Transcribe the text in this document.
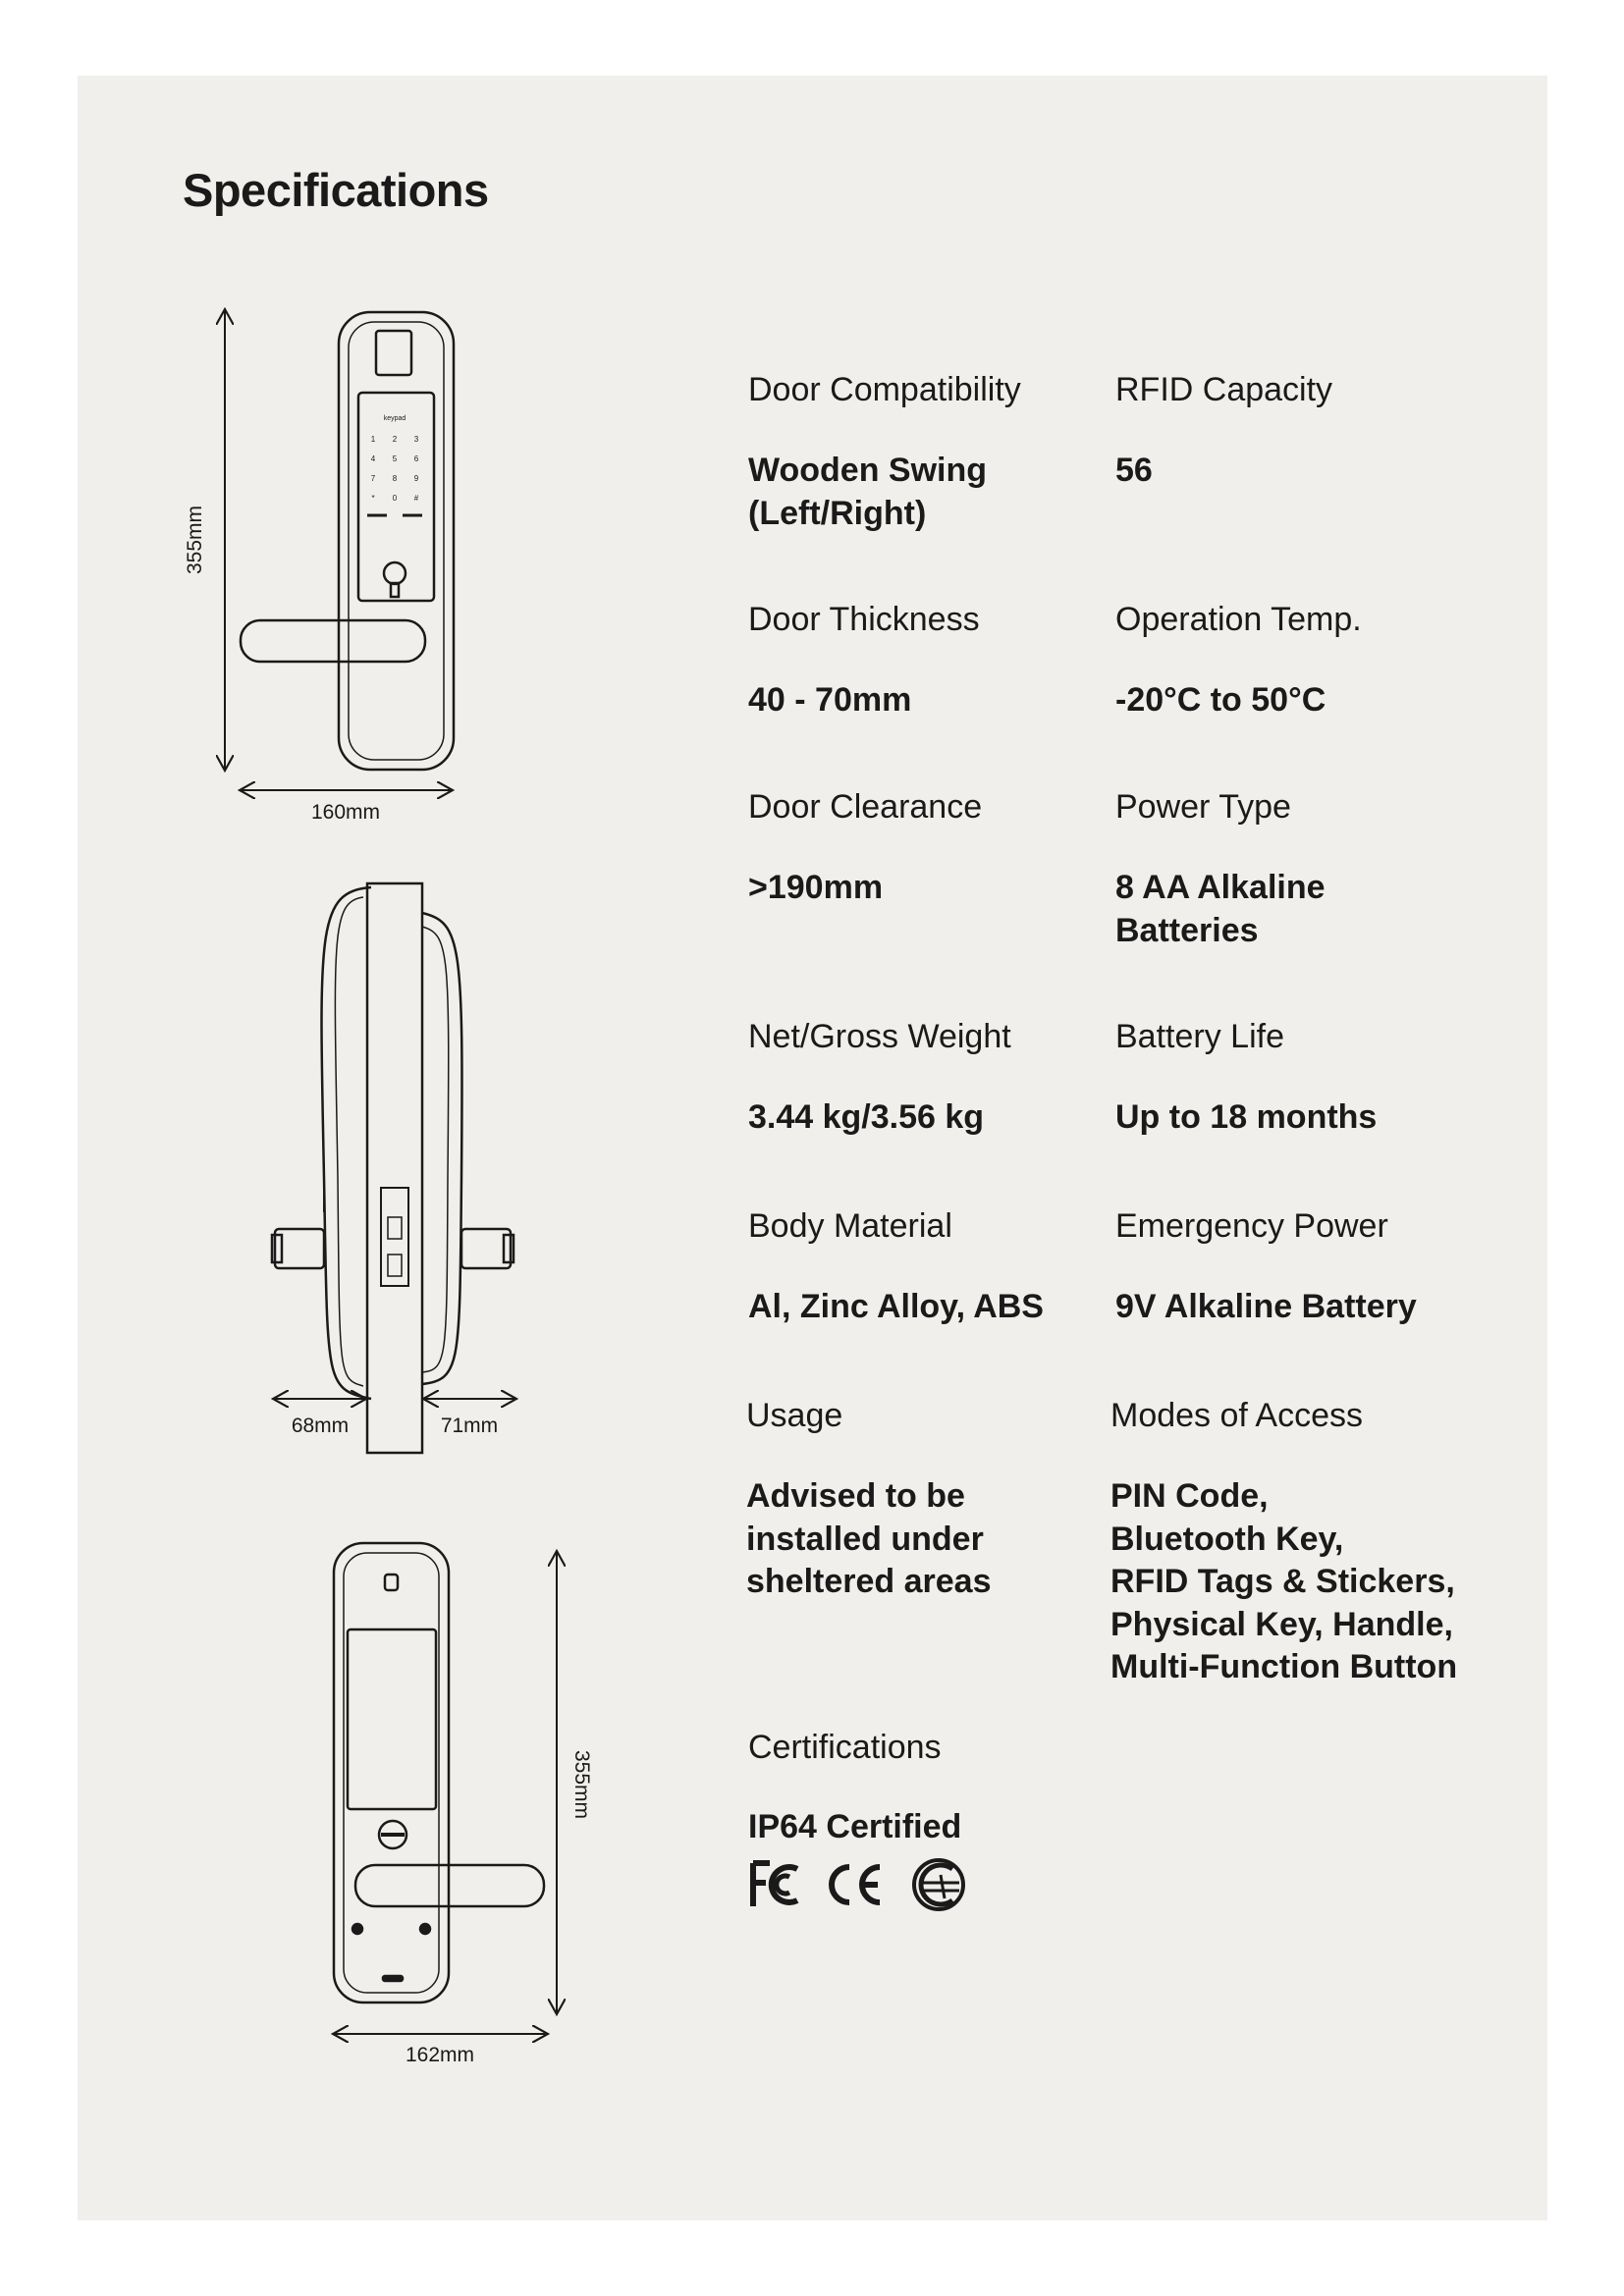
Specifications
keypad
1 2 3
4 5 6
7 8 9
* 0 #
355mm
160mm
68mm	71mm
355mm
162mm
Door Compatibility
Wooden Swing
(Left/Right)
RFID Capacity
56
Door Thickness
40 - 70mm
Operation Temp.
-20°C to 50°C
Door Clearance
>190mm
Power Type
8 AA Alkaline
Batteries
Net/Gross Weight
3.44 kg/3.56 kg
Battery Life
Up to 18 months
Body Material
Al, Zinc Alloy, ABS
Emergency Power
9V Alkaline Battery
Usage
Advised to be
installed under
sheltered areas
Modes of Access
PIN Code,
Bluetooth Key,
RFID Tags & Stickers,
Physical Key, Handle,
Multi-Function Button
Certifications
IP64 Certified
